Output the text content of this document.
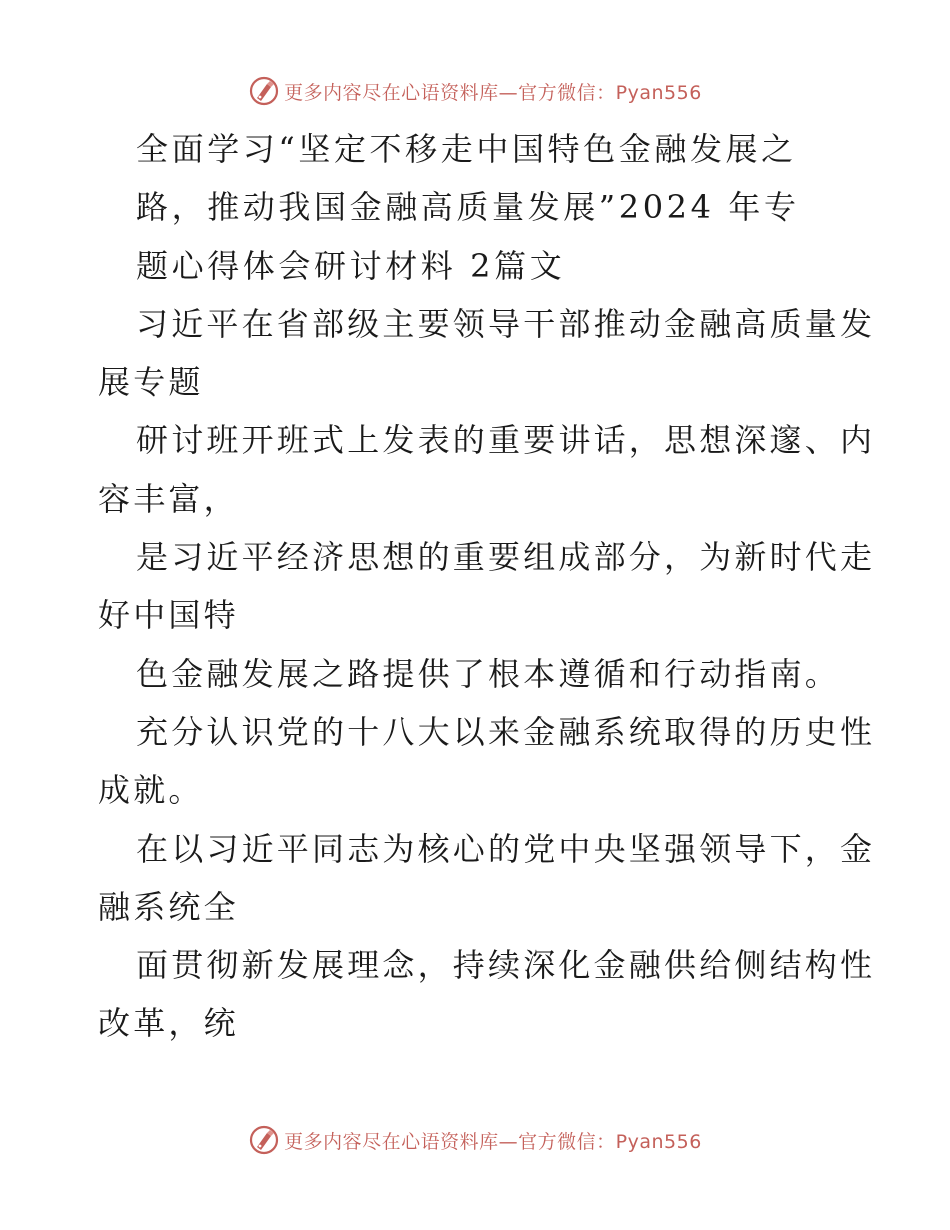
更多内容尽在心语资料库—官方微信：Pyan556
全面学习“坚定不移走中国特色金融发展之
路，推动我国金融高质量发展”2024 年专
题心得体会研讨材料 2篇文
习近平在省部级主要领导干部推动金融高质量发
展专题
研讨班开班式上发表的重要讲话，思想深邃、内
容丰富，
是习近平经济思想的重要组成部分，为新时代走
好中国特
色金融发展之路提供了根本遵循和行动指南。
充分认识党的十八大以来金融系统取得的历史性
成就。
在以习近平同志为核心的党中央坚强领导下，金
融系统全
面贯彻新发展理念，持续深化金融供给侧结构性
改革，统
更多内容尽在心语资料库—官方微信：Pyan556
